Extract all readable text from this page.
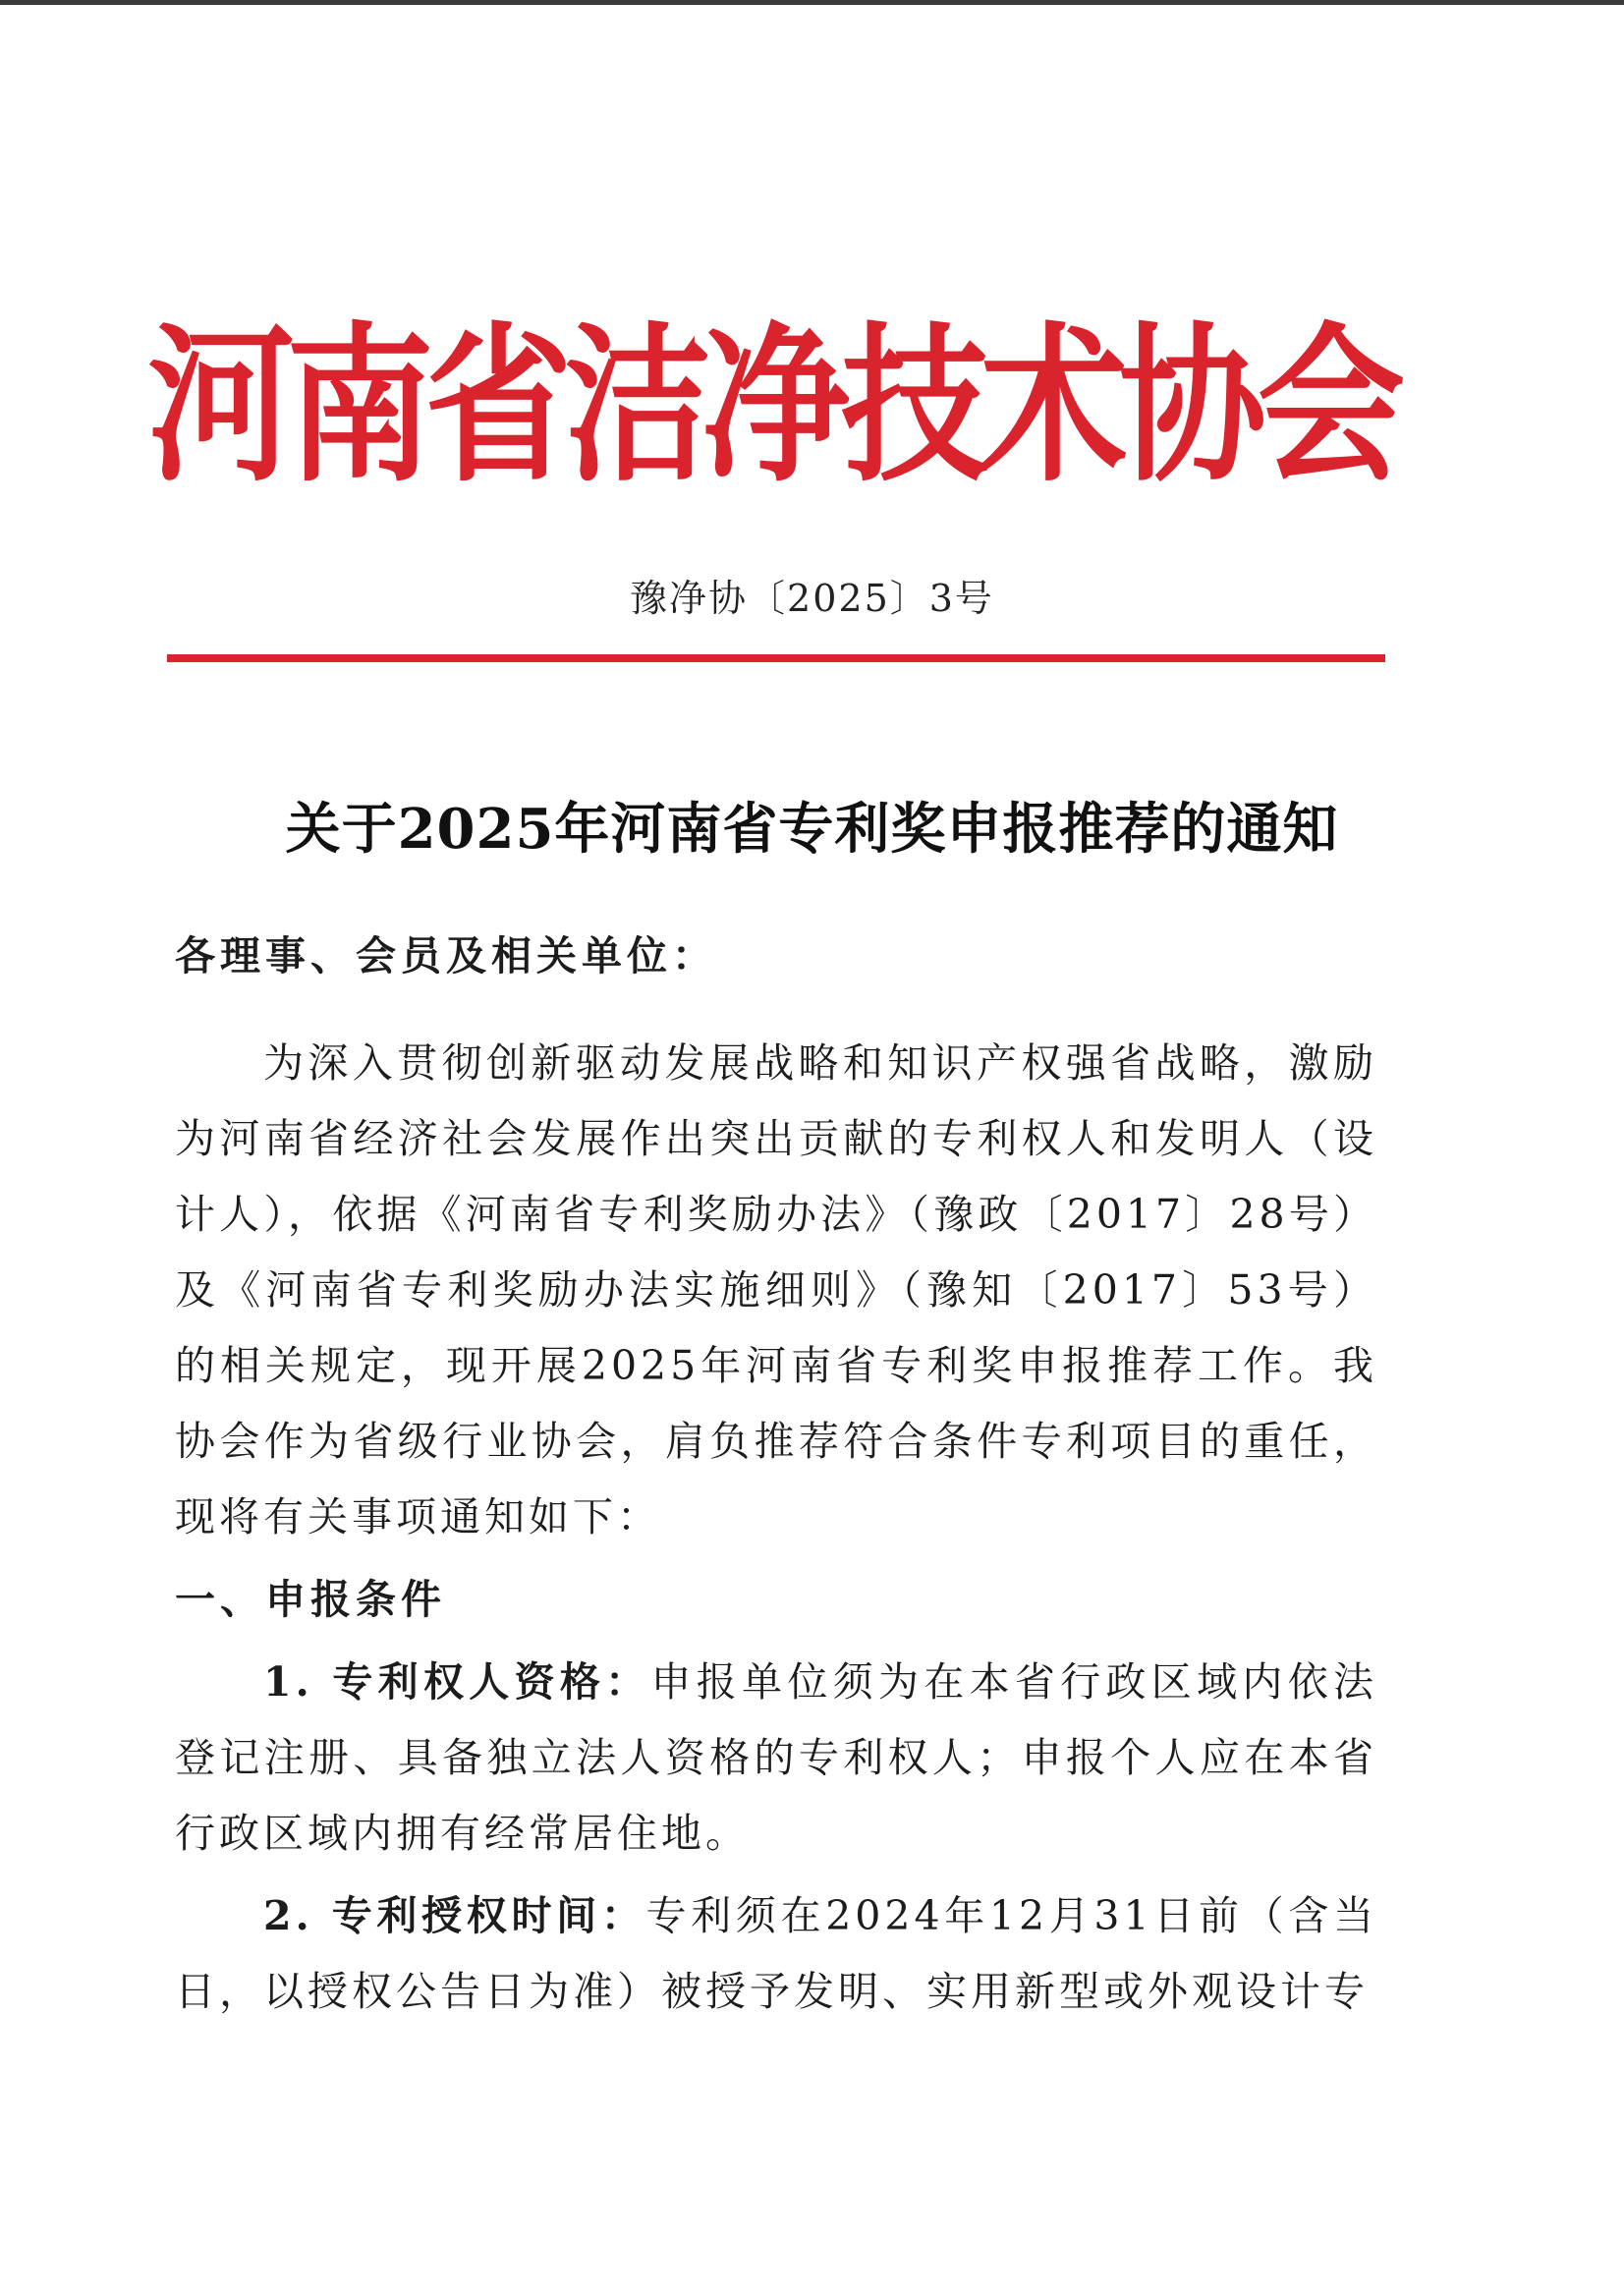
河
南
省
洁
净
技
术
协
会
豫净协〔2025〕3号
关于2025年河南省专利奖申报推荐的通知

各理事、会员及相关单位：

为深入贯彻创新驱动发展战略和知识产权强省战略，激励为河南省经济社会发展作出突出贡献的专利权人和发明人（设计人），依据《河南省专利奖励办法》（豫政〔2017〕28号）及《河南省专利奖励办法实施细则》（豫知〔2017〕53号）的相关规定，现开展2025年河南省专利奖申报推荐工作。我协会作为省级行业协会，肩负推荐符合条件专利项目的重任，现将有关事项通知如下：

一、申报条件

1. 专利权人资格：申报单位须为在本省行政区域内依法登记注册、具备独立法人资格的专利权人；申报个人应在本省行政区域内拥有经常居住地。

2. 专利授权时间：专利须在2024年12月31日前（含当日，以授权公告日为准）被授予发明、实用新型或外观设计专
